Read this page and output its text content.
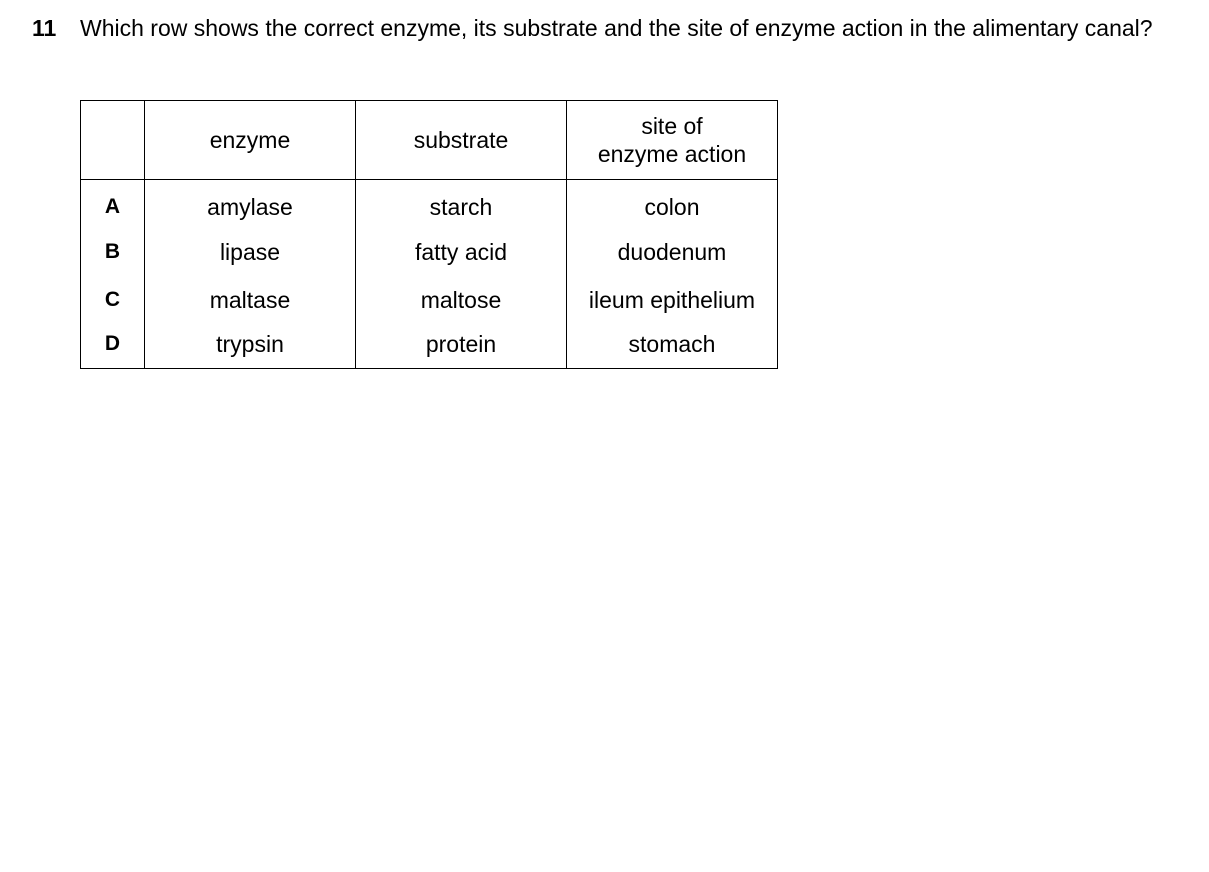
11 Which row shows the correct enzyme, its substrate and the site of enzyme action in the alimentary canal?
	enzyme	substrate	site of
enzyme action

A	amylase	starch	colon
B	lipase	fatty acid	duodenum
C	maltase	maltose	ileum epithelium
D	trypsin	protein	stomach
